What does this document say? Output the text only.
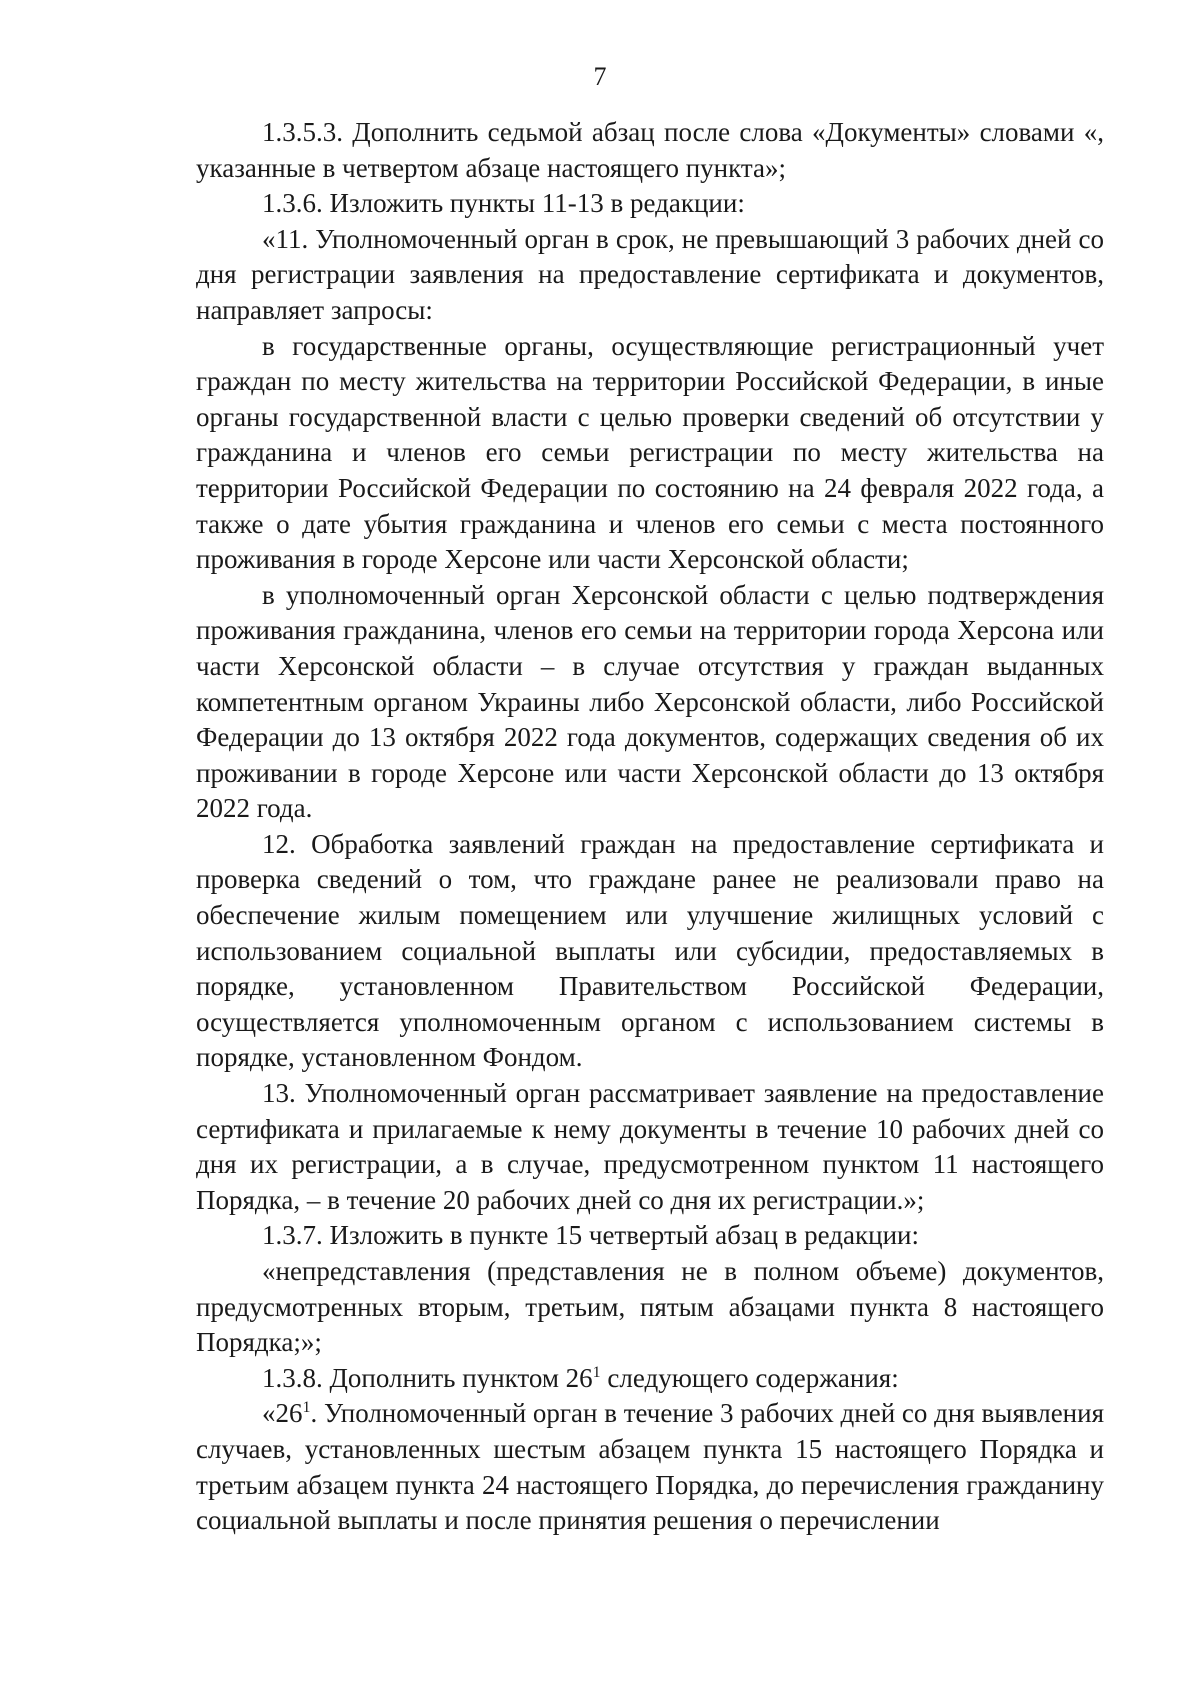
7

1.3.5.3. Дополнить седьмой абзац после слова «Документы» словами «, указанные в четвертом абзаце настоящего пункта»;

1.3.6. Изложить пункты 11-13 в редакции:

«11. Уполномоченный орган в срок, не превышающий 3 рабочих дней со дня регистрации заявления на предоставление сертификата и документов, направляет запросы:

в государственные органы, осуществляющие регистрационный учет граждан по месту жительства на территории Российской Федерации, в иные органы государственной власти с целью проверки сведений об отсутствии у гражданина и членов его семьи регистрации по месту жительства на территории Российской Федерации по состоянию на 24 февраля 2022 года, а также о дате убытия гражданина и членов его семьи с места постоянного проживания в городе Херсоне или части Херсонской области;

в уполномоченный орган Херсонской области с целью подтверждения проживания гражданина, членов его семьи на территории города Херсона или части Херсонской области – в случае отсутствия у граждан выданных компетентным органом Украины либо Херсонской области, либо Российской Федерации до 13 октября 2022 года документов, содержащих сведения об их проживании в городе Херсоне или части Херсонской области до 13 октября 2022 года.

12. Обработка заявлений граждан на предоставление сертификата и проверка сведений о том, что граждане ранее не реализовали право на обеспечение жилым помещением или улучшение жилищных условий с использованием социальной выплаты или субсидии, предоставляемых в порядке, установленном Правительством Российской Федерации, осуществляется уполномоченным органом с использованием системы в порядке, установленном Фондом.

13. Уполномоченный орган рассматривает заявление на предоставление сертификата и прилагаемые к нему документы в течение 10 рабочих дней со дня их регистрации, а в случае, предусмотренном пунктом 11 настоящего Порядка, – в течение 20 рабочих дней со дня их регистрации.»;

1.3.7. Изложить в пункте 15 четвертый абзац в редакции:

«непредставления (представления не в полном объеме) документов, предусмотренных вторым, третьим, пятым абзацами пункта 8 настоящего Порядка;»;

1.3.8. Дополнить пунктом $26^1$ следующего содержания:

«$26^1$. Уполномоченный орган в течение 3 рабочих дней со дня выявления случаев, установленных шестым абзацем пункта 15 настоящего Порядка и третьим абзацем пункта 24 настоящего Порядка, до перечисления гражданину социальной выплаты и после принятия решения о перечислении
